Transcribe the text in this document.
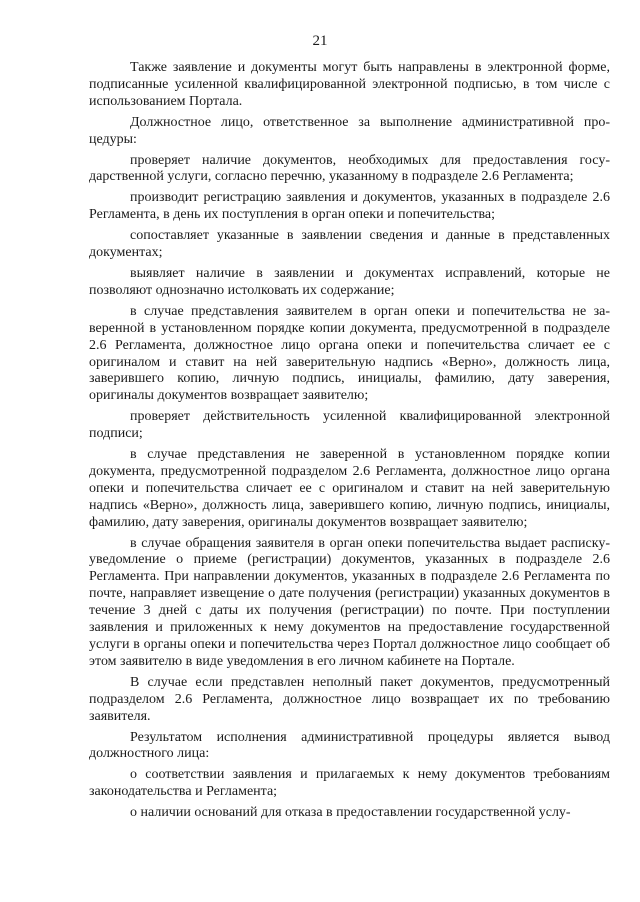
21

Также заявление и документы могут быть направлены в электронной форме, подписанные усиленной квалифицированной электронной подписью, в том числе с использованием Портала.

Должностное лицо, ответственное за выполнение административной процедуры:

проверяет наличие документов, необходимых для предоставления государственной услуги, согласно перечню, указанному в подразделе 2.6 Регламента;

производит регистрацию заявления и документов, указанных в подразделе 2.6 Регламента, в день их поступления в орган опеки и попечительства;

сопоставляет указанные в заявлении сведения и данные в представленных документах;

выявляет наличие в заявлении и документах исправлений, которые не позволяют однозначно истолковать их содержание;

в случае представления заявителем в орган опеки и попечительства не заверенной в установленном порядке копии документа, предусмотренной в подразделе 2.6 Регламента, должностное лицо органа опеки и попечительства сличает ее с оригиналом и ставит на ней заверительную надпись «Верно», должность лица, заверившего копию, личную подпись, инициалы, фамилию, дату заверения, оригиналы документов возвращает заявителю;

проверяет действительность усиленной квалифицированной электронной подписи;

в случае представления не заверенной в установленном порядке копии документа, предусмотренной подразделом 2.6 Регламента, должностное лицо органа опеки и попечительства сличает ее с оригиналом и ставит на ней заверительную надпись «Верно», должность лица, заверившего копию, личную подпись, инициалы, фамилию, дату заверения, оригиналы документов возвращает заявителю;

в случае обращения заявителя в орган опеки попечительства выдает расписку-уведомление о приеме (регистрации) документов, указанных в подразделе 2.6 Регламента. При направлении документов, указанных в подразделе 2.6 Регламента по почте, направляет извещение о дате получения (регистрации) указанных документов в течение 3 дней с даты их получения (регистрации) по почте. При поступлении заявления и приложенных к нему документов на предоставление государственной услуги в органы опеки и попечительства через Портал должностное лицо сообщает об этом заявителю в виде уведомления в его личном кабинете на Портале.

В случае если представлен неполный пакет документов, предусмотренный подразделом 2.6 Регламента, должностное лицо возвращает их по требованию заявителя.

Результатом исполнения административной процедуры является вывод должностного лица:

о соответствии заявления и прилагаемых к нему документов требованиям законодательства и Регламента;

о наличии оснований для отказа в предоставлении государственной услу-
